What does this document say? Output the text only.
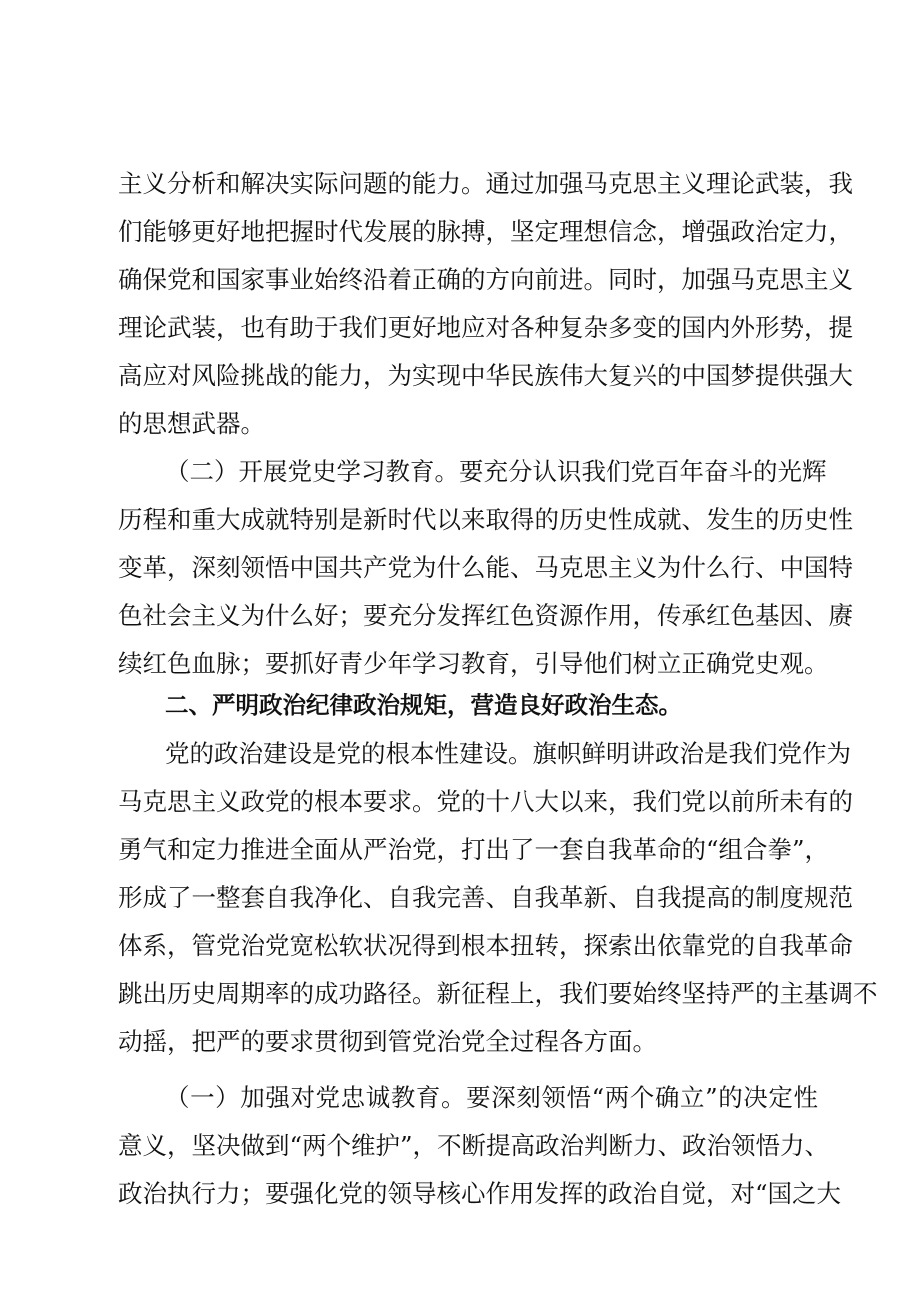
主义分析和解决实际问题的能力。通过加强马克思主义理论武装，我
们能够更好地把握时代发展的脉搏，坚定理想信念，增强政治定力，
确保党和国家事业始终沿着正确的方向前进。同时，加强马克思主义
理论武装，也有助于我们更好地应对各种复杂多变的国内外形势，提
高应对风险挑战的能力，为实现中华民族伟大复兴的中国梦提供强大
的思想武器。
（二）开展党史学习教育。要充分认识我们党百年奋斗的光辉
历程和重大成就特别是新时代以来取得的历史性成就、发生的历史性
变革，深刻领悟中国共产党为什么能、马克思主义为什么行、中国特
色社会主义为什么好；要充分发挥红色资源作用，传承红色基因、赓
续红色血脉；要抓好青少年学习教育，引导他们树立正确党史观。
二、严明政治纪律政治规矩，营造良好政治生态。
党的政治建设是党的根本性建设。旗帜鲜明讲政治是我们党作为
马克思主义政党的根本要求。党的十八大以来，我们党以前所未有的
勇气和定力推进全面从严治党，打出了一套自我革命的“组合拳”，
形成了一整套自我净化、自我完善、自我革新、自我提高的制度规范
体系，管党治党宽松软状况得到根本扭转，探索出依靠党的自我革命
跳出历史周期率的成功路径。新征程上，我们要始终坚持严的主基调不
动摇，把严的要求贯彻到管党治党全过程各方面。
（一）加强对党忠诚教育。要深刻领悟“两个确立”的决定性
意义，坚决做到“两个维护”，不断提高政治判断力、政治领悟力、
政治执行力；要强化党的领导核心作用发挥的政治自觉，对“国之大
